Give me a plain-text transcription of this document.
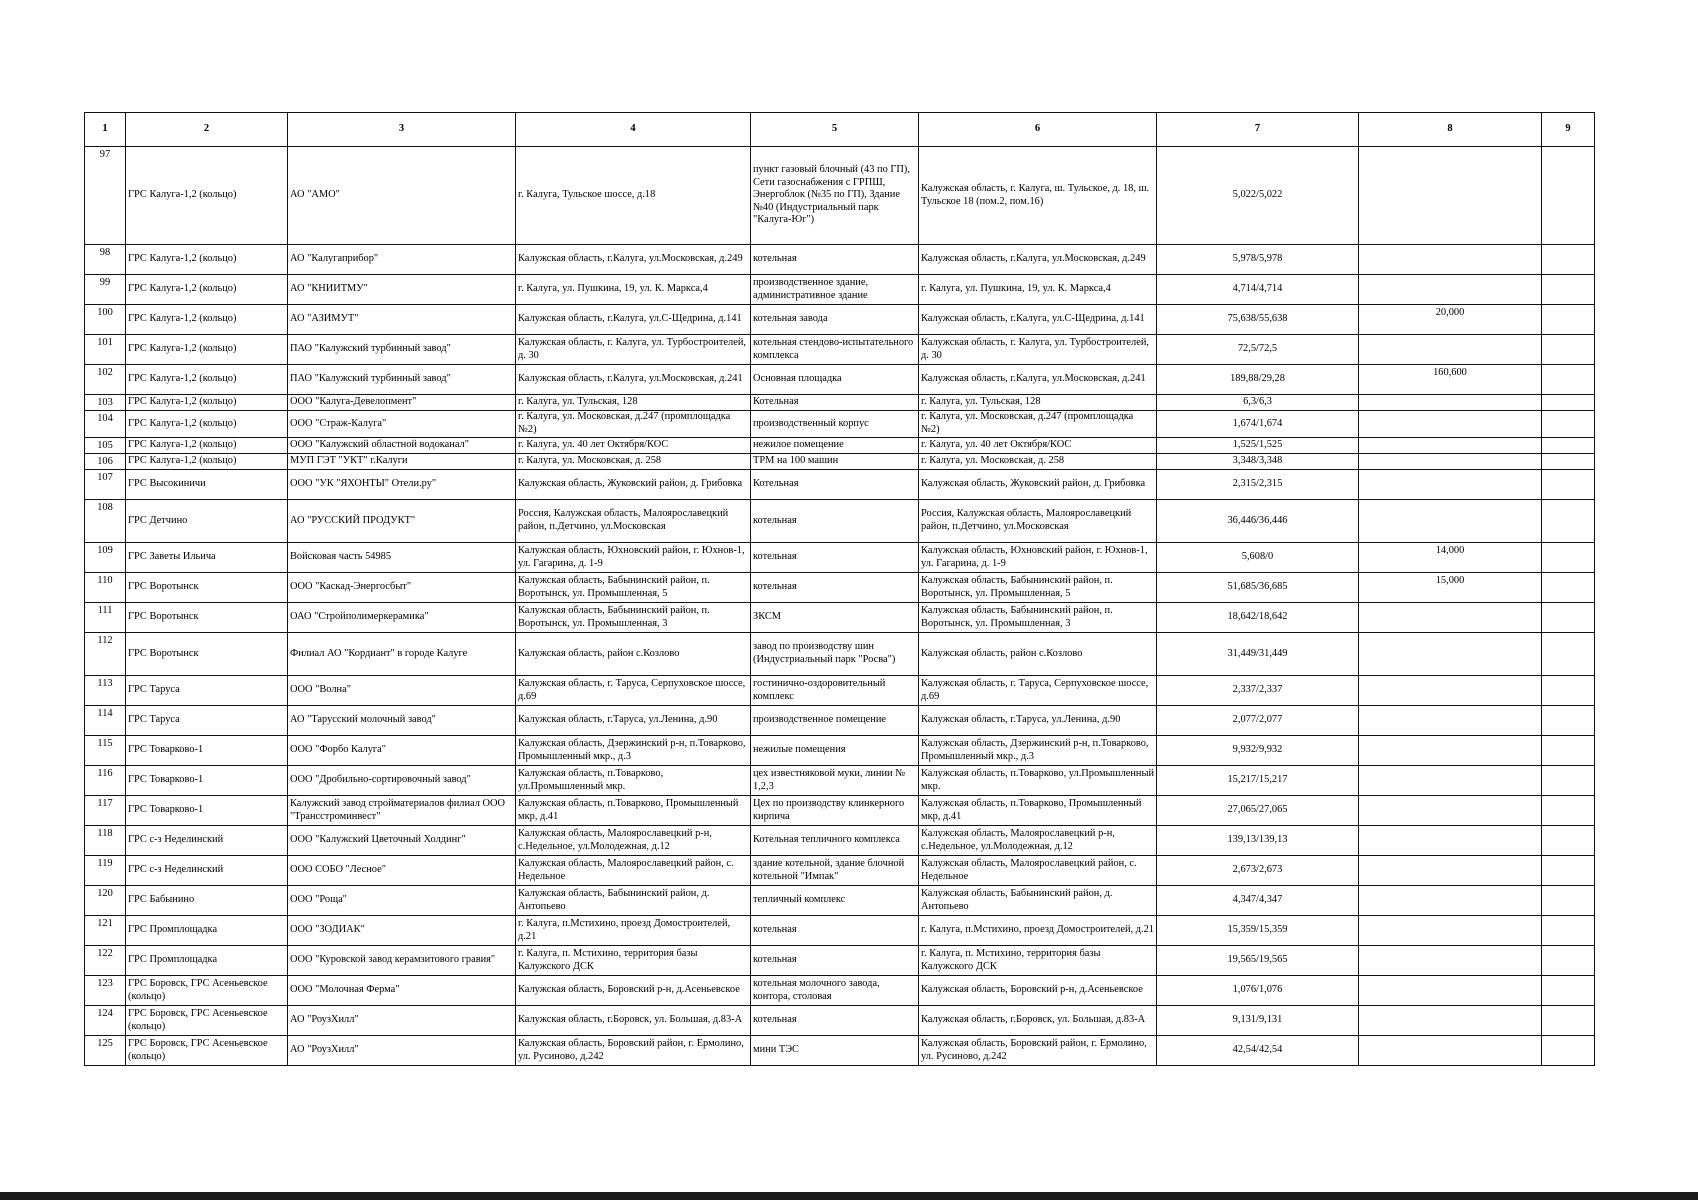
1	2	3	4	5	6	7	8	9
97	ГРС Калуга-1,2 (кольцо)	АО "АМО"	г. Калуга, Тульское шоссе, д.18	пункт газовый блочный (43 по ГП), Сети газоснабжения с ГРПШ, Энергоблок (№35 по ГП), Здание №40 (Индустриальный парк "Калуга-Юг")	Калужская область, г. Калуга, ш. Тульское, д. 18, ш. Тульское 18 (пом.2, пом.16)	5,022/5,022		
98	ГРС Калуга-1,2 (кольцо)	АО "Калугаприбор"	Калужская область, г.Калуга, ул.Московская, д.249	котельная	Калужская область, г.Калуга, ул.Московская, д.249	5,978/5,978		
99	ГРС Калуга-1,2 (кольцо)	АО "КНИИТМУ"	г. Калуга, ул. Пушкина, 19, ул. К. Маркса,4	производственное здание, административное здание	г. Калуга, ул. Пушкина, 19, ул. К. Маркса,4	4,714/4,714		
100	ГРС Калуга-1,2 (кольцо)	АО "АЗИМУТ"	Калужская область, г.Калуга, ул.С-Щедрина, д.141	котельная завода	Калужская область, г.Калуга, ул.С-Щедрина, д.141	75,638/55,638	20,000	
101	ГРС Калуга-1,2 (кольцо)	ПАО "Калужский турбинный завод"	Калужская область, г. Калуга, ул. Турбостроителей, д. 30	котельная стендово-испытательного комплекса	Калужская область, г. Калуга, ул. Турбостроителей, д. 30	72,5/72,5		
102	ГРС Калуга-1,2 (кольцо)	ПАО "Калужский турбинный завод"	Калужская область, г.Калуга, ул.Московская, д.241	Основная площадка	Калужская область, г.Калуга, ул.Московская, д.241	189,88/29,28	160,600	
103	ГРС Калуга-1,2 (кольцо)	ООО "Калуга-Девелопмент"	г. Калуга, ул. Тульская, 128	Котельная	г. Калуга, ул. Тульская, 128	6,3/6,3		
104	ГРС Калуга-1,2 (кольцо)	ООО "Страж-Калуга"	г. Калуга, ул. Московская, д.247 (промплощадка №2)	производственный корпус	г. Калуга, ул. Московская, д.247 (промплощадка №2)	1,674/1,674		
105	ГРС Калуга-1,2 (кольцо)	ООО "Калужский областной водоканал"	г. Калуга, ул. 40 лет Октября/КОС	нежилое помещение	г. Калуга, ул. 40 лет Октября/КОС	1,525/1,525		
106	ГРС Калуга-1,2 (кольцо)	МУП ГЭТ "УКТ" г.Калуги	г. Калуга, ул. Московская, д. 258	ТРМ на 100 машин	г. Калуга, ул. Московская, д. 258	3,348/3,348		
107	ГРС Высокиничи	ООО "УК "ЯХОНТЫ" Отели.ру"	Калужская область, Жуковский район, д. Грибовка	Котельная	Калужская область, Жуковский район, д. Грибовка	2,315/2,315		
108	ГРС Детчино	АО "РУССКИЙ ПРОДУКТ"	Россия, Калужская область, Малоярославецкий район, п.Детчино, ул.Московская	котельная	Россия, Калужская область, Малоярославецкий район, п.Детчино, ул.Московская	36,446/36,446		
109	ГРС Заветы Ильича	Войсковая часть 54985	Калужская область, Юхновский район, г. Юхнов-1, ул. Гагарина, д. 1-9	котельная	Калужская область, Юхновский район, г. Юхнов-1, ул. Гагарина, д. 1-9	5,608/0	14,000	
110	ГРС Воротынск	ООО "Каскад-Энергосбыт"	Калужская область, Бабынинский район, п. Воротынск, ул. Промышленная, 5	котельная	Калужская область, Бабынинский район, п. Воротынск, ул. Промышленная, 5	51,685/36,685	15,000	
111	ГРС Воротынск	ОАО "Стройполимеркерамика"	Калужская область, Бабынинский район, п. Воротынск, ул. Промышленная, 3	ЗКСМ	Калужская область, Бабынинский район, п. Воротынск, ул. Промышленная, 3	18,642/18,642		
112	ГРС Воротынск	Филиал АО "Кордиант" в городе Калуге	Калужская область, район с.Козлово	завод по производству шин (Индустриальный парк "Росва")	Калужская область, район с.Козлово	31,449/31,449		
113	ГРС Таруса	ООО "Волна"	Калужская область, г. Таруса, Серпуховское шоссе, д.69	гостинично-оздоровительный комплекс	Калужская область, г. Таруса, Серпуховское шоссе, д.69	2,337/2,337		
114	ГРС Таруса	АО "Тарусский молочный завод"	Калужская область, г.Таруса, ул.Ленина, д.90	производственное помещение	Калужская область, г.Таруса, ул.Ленина, д.90	2,077/2,077		
115	ГРС Товарково-1	ООО "Форбо Калуга"	Калужская область, Дзержинский р-н, п.Товарково, Промышленный мкр., д.3	нежилые помещения	Калужская область, Дзержинский р-н, п.Товарково, Промышленный мкр., д.3	9,932/9,932		
116	ГРС Товарково-1	ООО "Дробильно-сортировочный завод"	Калужская область, п.Товарково, ул.Промышленный мкр.	цех известняковой муки, линии № 1,2,3	Калужская область, п.Товарково, ул.Промышленный мкр.	15,217/15,217		
117	ГРС Товарково-1	Калужский завод стройматериалов филиал ООО "Трансстроминвест"	Калужская область, п.Товарково, Промышленный мкр, д.41	Цех по производству клинкерного кирпича	Калужская область, п.Товарково, Промышленный мкр, д.41	27,065/27,065		
118	ГРС с-з Неделинский	ООО "Калужский Цветочный Холдинг"	Калужская область, Малоярославецкий р-н, с.Недельное, ул.Молодежная, д.12	Котельная тепличного комплекса	Калужская область, Малоярославецкий р-н, с.Недельное, ул.Молодежная, д.12	139,13/139,13		
119	ГРС с-з Неделинский	ООО СОБО "Лесное"	Калужская область, Малоярославецкий район, с. Недельное	здание котельной, здание блочной котельной "Импак"	Калужская область, Малоярославецкий район, с. Недельное	2,673/2,673		
120	ГРС Бабынино	ООО "Роща"	Калужская область, Бабынинский район, д. Антопьево	тепличный комплекс	Калужская область, Бабынинский район, д. Антопьево	4,347/4,347		
121	ГРС Промплощадка	ООО "ЗОДИАК"	г. Калуга, п.Мстихино, проезд Домостроителей, д.21	котельная	г. Калуга, п.Мстихино, проезд Домостроителей, д.21	15,359/15,359		
122	ГРС Промплощадка	ООО "Куровской завод керамзитового гравия"	г. Калуга, п. Мстихино, территория базы Калужского ДСК	котельная	г. Калуга, п. Мстихино, территория базы Калужского ДСК	19,565/19,565		
123	ГРС Боровск, ГРС Асеньевское (кольцо)	ООО "Молочная Ферма"	Калужская область, Боровский р-н, д.Асеньевское	котельная молочного завода, контора, столовая	Калужская область, Боровский р-н, д.Асеньевское	1,076/1,076		
124	ГРС Боровск, ГРС Асеньевское (кольцо)	АО "РоузХилл"	Калужская область, г.Боровск, ул. Большая, д.83-А	котельная	Калужская область, г.Боровск, ул. Большая, д.83-А	9,131/9,131		
125	ГРС Боровск, ГРС Асеньевское (кольцо)	АО "РоузХилл"	Калужская область, Боровский район, г. Ермолино, ул. Русиново, д.242	мини ТЭС	Калужская область, Боровский район, г. Ермолино, ул. Русиново, д.242	42,54/42,54		
